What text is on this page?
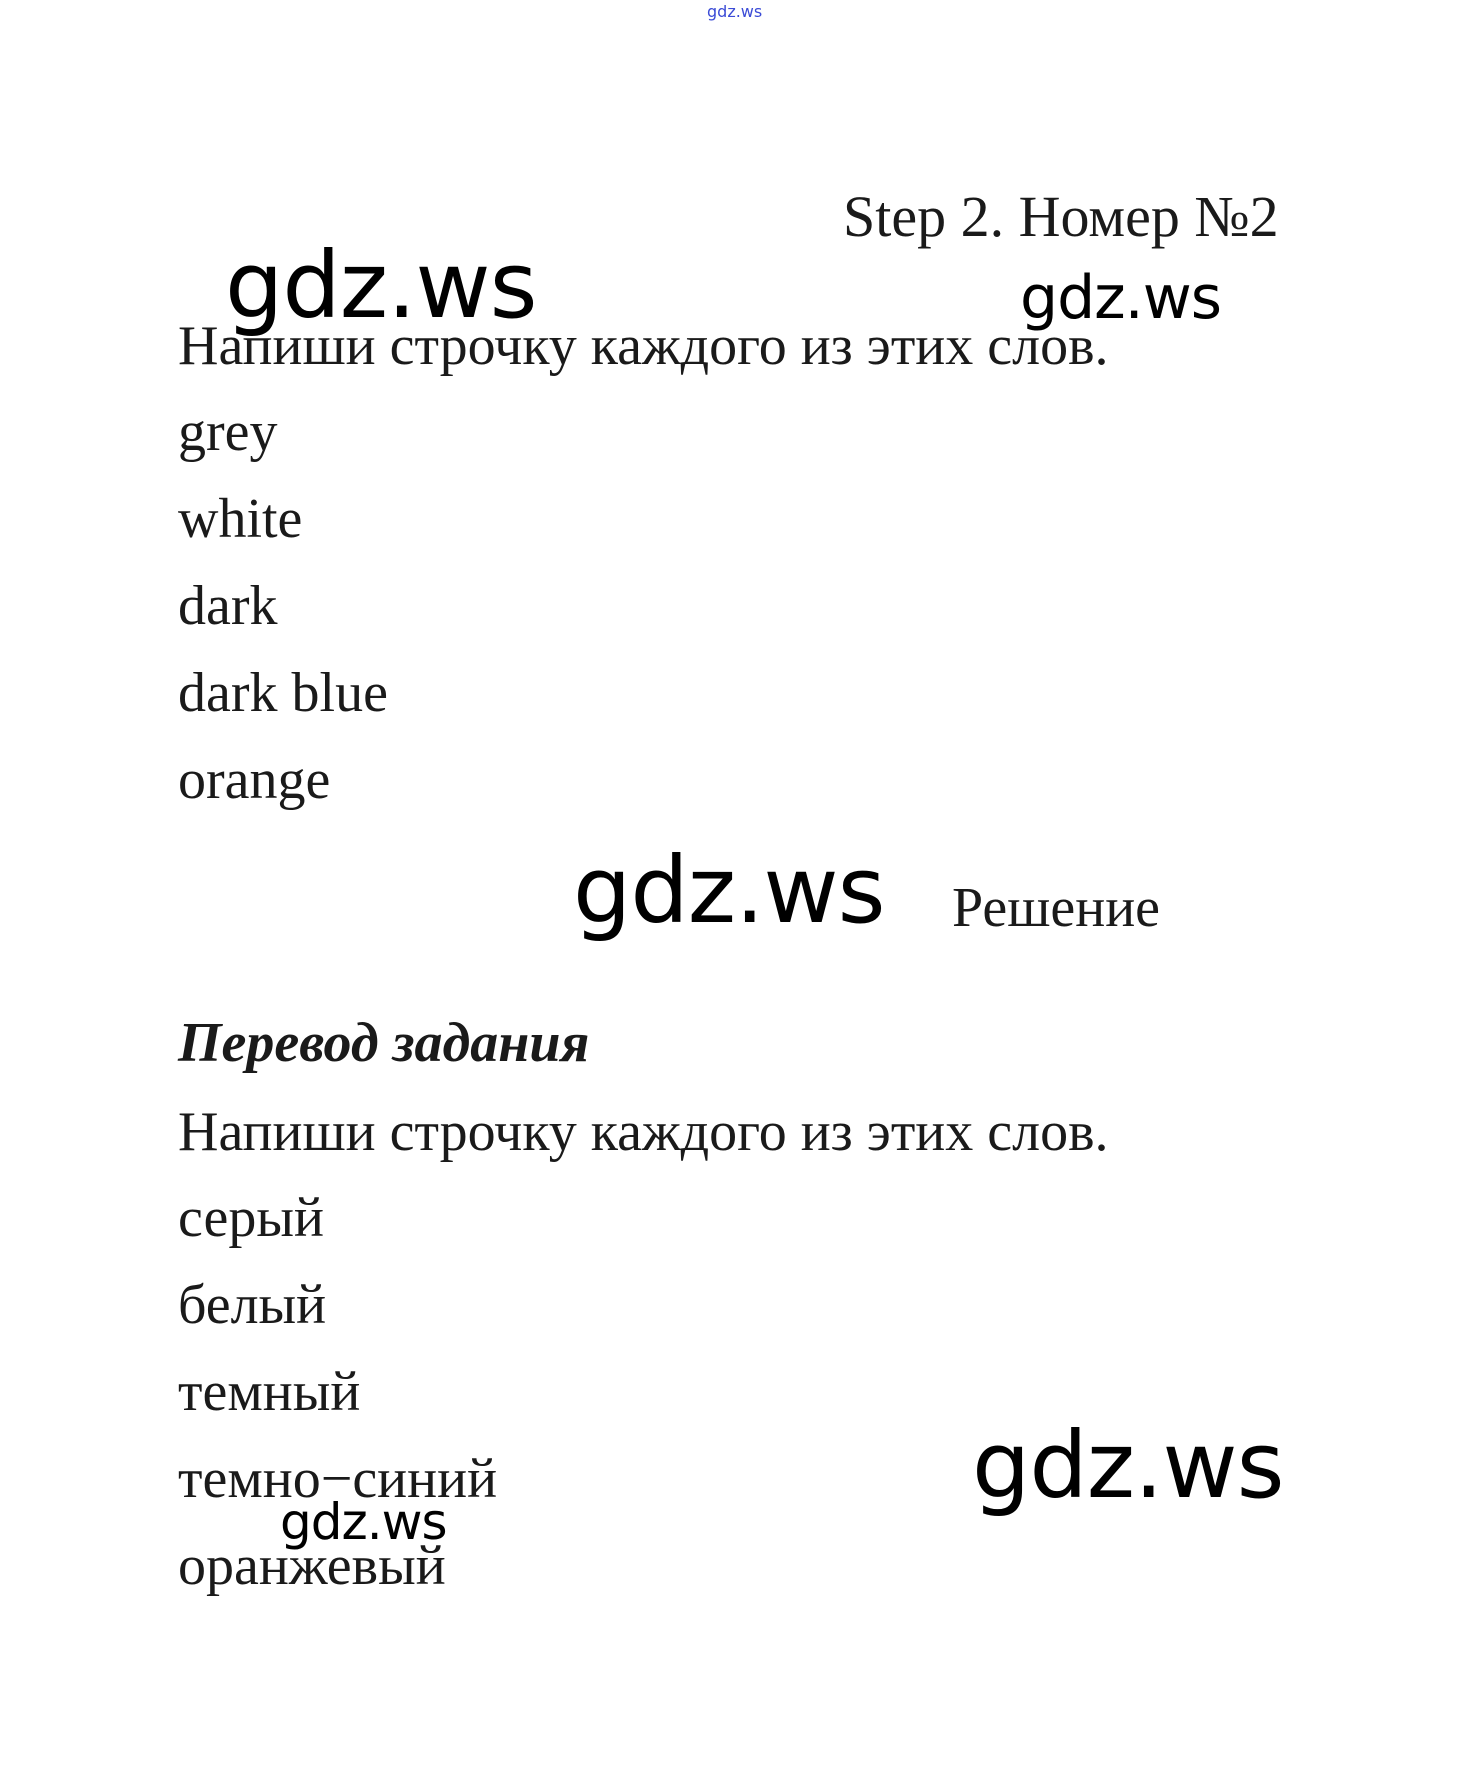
gdz.ws
Step 2. Номер №2
gdz.ws	gdz.ws
Напиши строчку каждого из этих слов.
grey
white
dark
dark blue
orange
gdz.ws Решение
Перевод задания
Напиши строчку каждого из этих слов.
серый
белый
темный
темно−синий
gdz.ws
оранжевый
gdz.ws
